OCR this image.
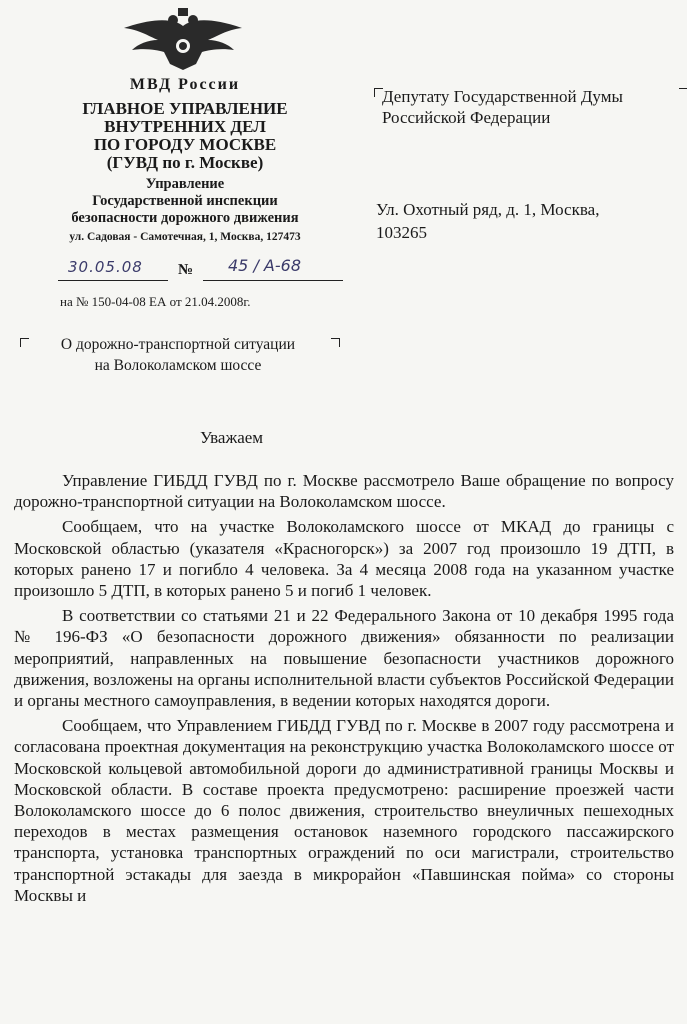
МВД России
ГЛАВНОЕ УПРАВЛЕНИЕ
ВНУТРЕННИХ ДЕЛ
ПО ГОРОДУ МОСКВЕ
(ГУВД по г. Москве)
Управление
Государственной инспекции
безопасности дорожного движения
ул. Садовая - Самотечная, 1, Москва, 127473
30.05.08 № 45 / А-68
на № 150-04-08 ЕА от 21.04.2008г.
О дорожно-транспортной ситуации
на Волоколамском шоссе
Депутату Государственной Думы
Российской Федерации
Ул. Охотный ряд, д. 1, Москва,
103265
Уважаем

Управление ГИБДД ГУВД по г. Москве рассмотрело Ваше обращение по вопросу дорожно-транспортной ситуации на Волоколамском шоссе.

Сообщаем, что на участке Волоколамского шоссе от МКАД до границы с Московской областью (указателя «Красногорск») за 2007 год произошло 19 ДТП, в которых ранено 17 и погибло 4 человека. За 4 месяца 2008 года на указанном участке произошло 5 ДТП, в которых ранено 5 и погиб 1 человек.

В соответствии со статьями 21 и 22 Федерального Закона от 10 декабря 1995 года № 196-ФЗ «О безопасности дорожного движения» обязанности по реализации мероприятий, направленных на повышение безопасности участников дорожного движения, возложены на органы исполнительной власти субъектов Российской Федерации и органы местного самоуправления, в ведении которых находятся дороги.

Сообщаем, что Управлением ГИБДД ГУВД по г. Москве в 2007 году рассмотрена и согласована проектная документация на реконструкцию участка Волоколамского шоссе от Московской кольцевой автомобильной дороги до административной границы Москвы и Московской области. В составе проекта предусмотрено: расширение проезжей части Волоколамского шоссе до 6 полос движения, строительство внеуличных пешеходных переходов в местах размещения остановок наземного городского пассажирского транспорта, установка транспортных ограждений по оси магистрали, строительство транспортной эстакады для заезда в микрорайон «Павшинская пойма» со стороны Москвы и
